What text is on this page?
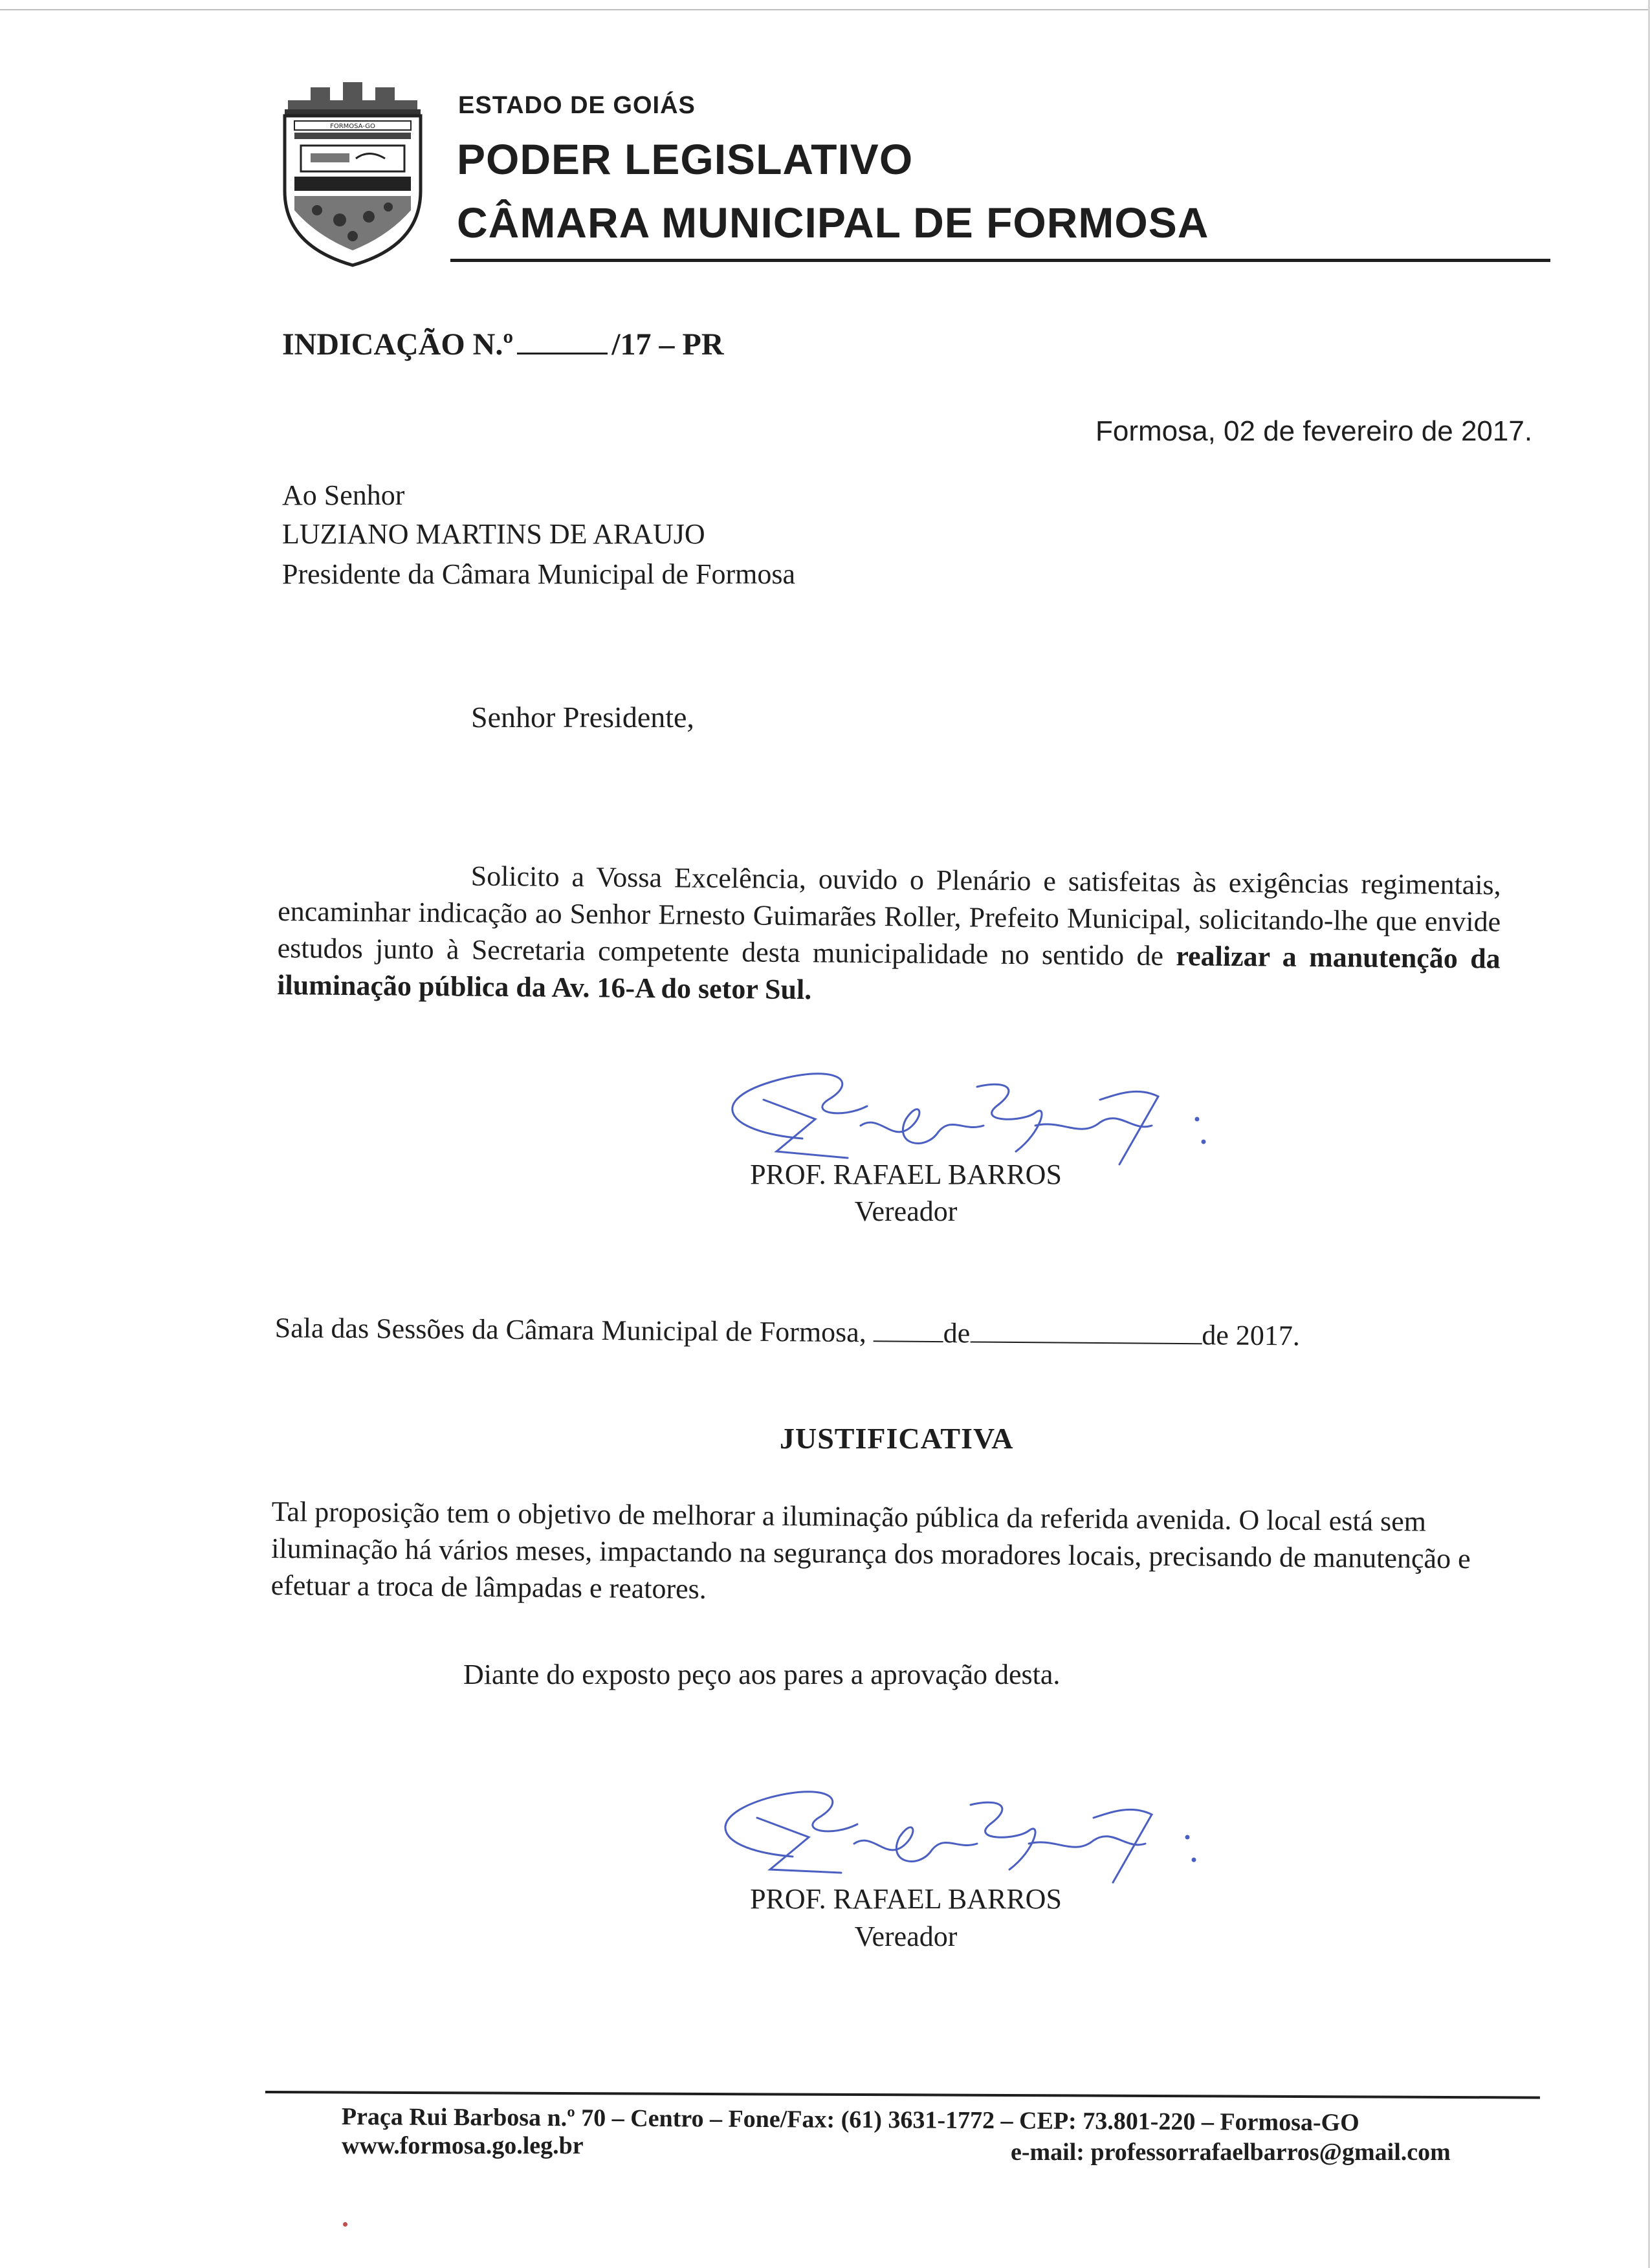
FORMOSA-GO
ESTADO DE GOIÁS
PODER LEGISLATIVO
CÂMARA MUNICIPAL DE FORMOSA
INDICAÇÃO N.º	/17 – PR
Formosa, 02 de fevereiro de 2017.
Ao Senhor
LUZIANO MARTINS DE ARAUJO
Presidente da Câmara Municipal de Formosa
Senhor Presidente,

Solicito a Vossa Excelência, ouvido o Plenário e satisfeitas às exigências regimentais, encaminhar indicação ao Senhor Ernesto Guimarães Roller, Prefeito Municipal, solicitando-lhe que envide estudos junto à Secretaria competente desta municipalidade no sentido de realizar a manutenção da iluminação pública da Av. 16-A do setor Sul.

PROF. RAFAEL BARROS
Vereador
Sala das Sessões da Câmara Municipal de Formosa, de	de 2017.
JUSTIFICATIVA

Tal proposição tem o objetivo de melhorar a iluminação pública da referida avenida. O local está sem iluminação há vários meses, impactando na segurança dos moradores locais, precisando de manutenção e efetuar a troca de lâmpadas e reatores.

Diante do exposto peço aos pares a aprovação desta.
PROF. RAFAEL BARROS
Vereador
Praça Rui Barbosa n.º 70 – Centro – Fone/Fax: (61) 3631-1772 – CEP: 73.801-220 – Formosa-GO
www.formosa.go.leg.br	e-mail: professorrafaelbarros@gmail.com
